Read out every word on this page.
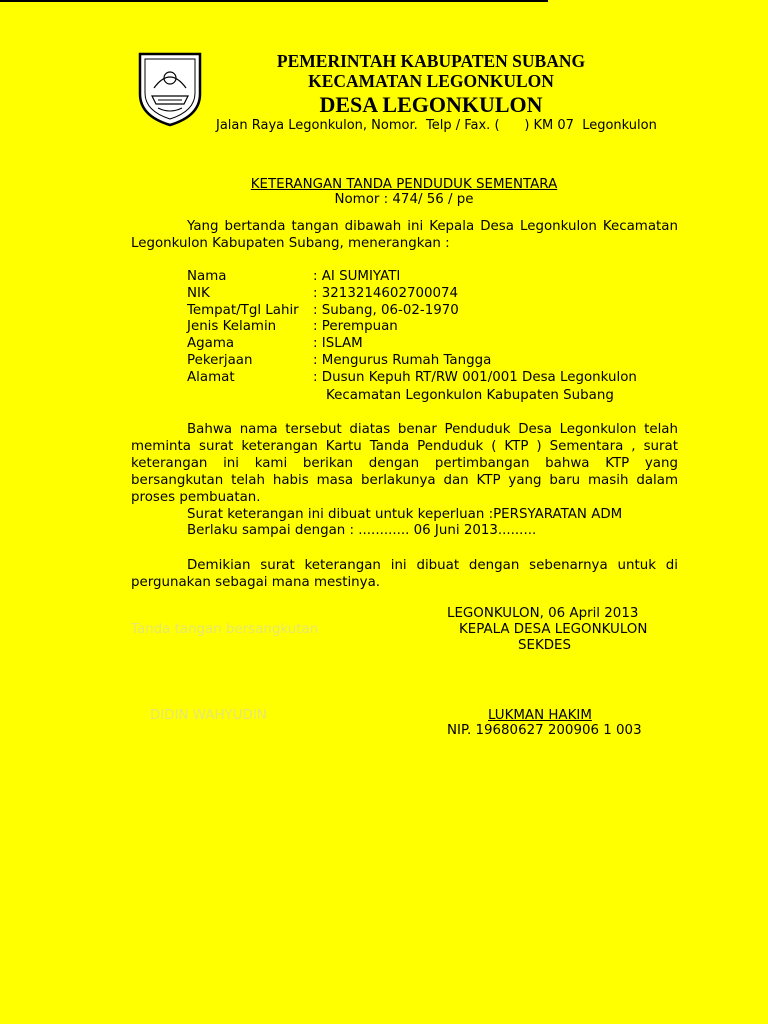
PEMERINTAH KABUPATEN SUBANG
KECAMATAN LEGONKULON
DESA LEGONKULON
Jalan Raya Legonkulon, Nomor. Telp / Fax. (      ) KM 07  Legonkulon
KETERANGAN TANDA PENDUDUK SEMENTARA
Nomor : 474/ 56 / pe
Yang bertanda tangan dibawah ini Kepala Desa Legonkulon Kecamatan Legonkulon Kabupaten Subang, menerangkan :
Kecamatan Legonkulon Kabupaten Subang
Bahwa nama tersebut diatas benar Penduduk Desa Legonkulon telah meminta surat keterangan Kartu Tanda Penduduk ( KTP ) Sementara , surat keterangan ini kami berikan dengan pertimbangan bahwa KTP yang bersangkutan telah habis masa berlakunya dan KTP yang baru masih dalam proses pembuatan.
Surat keterangan ini dibuat untuk keperluan :PERSYARATAN ADM
Berlaku sampai dengan : ............ 06 Juni 2013.........
Demikian surat keterangan ini dibuat dengan sebenarnya untuk di pergunakan sebagai mana mestinya.
LEGONKULON, 06 April 2013
KEPALA DESA LEGONKULON
SEKDES
Tanda tangan bersangkutan
DIDIN WAHYUDIN	LUKMAN HAKIM
NIP. 19680627 200906 1 003
Nama	: AI SUMIYATI
NIK	: 3213214602700074
Tempat/Tgl Lahir : Subang, 06-02-1970
Jenis Kelamin	: Perempuan
Agama	: ISLAM
Pekerjaan	: Mengurus Rumah Tangga
Alamat	: Dusun Kepuh RT/RW 001/001 Desa Legonkulon
